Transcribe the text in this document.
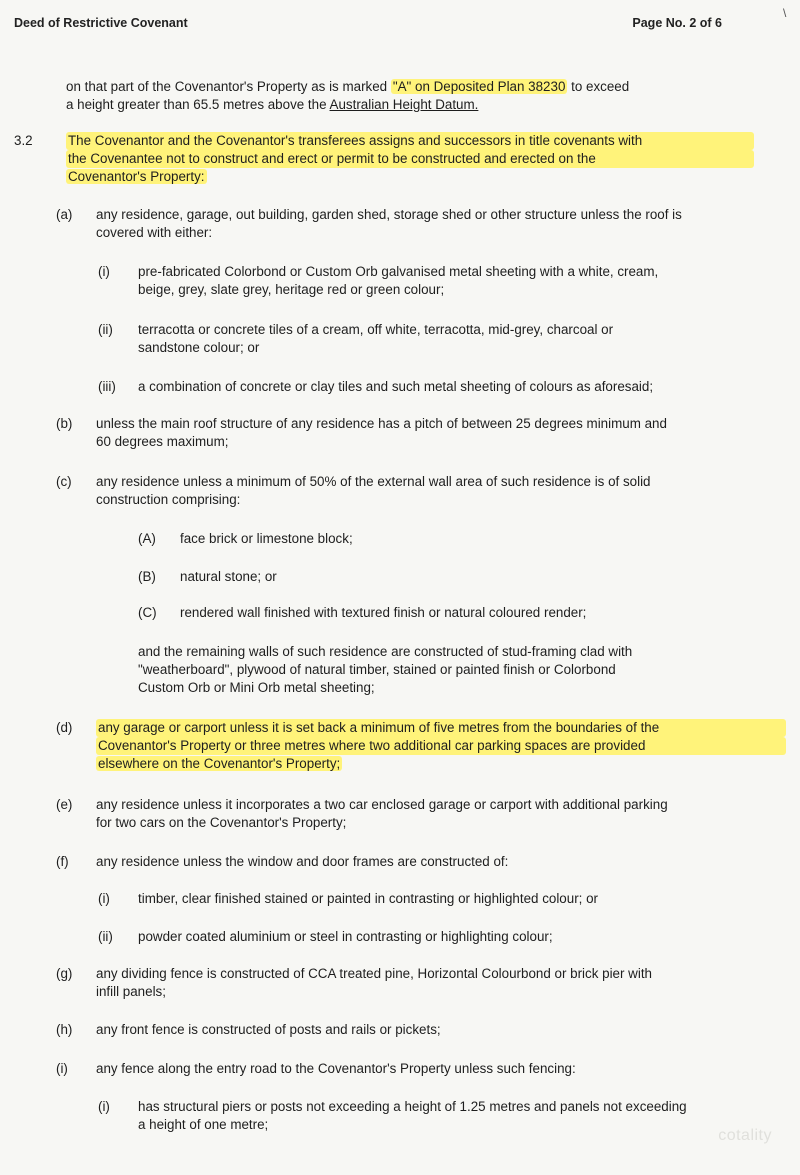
Deed of Restrictive Covenant	Page No. 2 of 6
\
on that part of the Covenantor's Property as is marked "A" on Deposited Plan 38230 to exceed
a height greater than 65.5 metres above the Australian Height Datum.
3.2	The Covenantor and the Covenantor's transferees assigns and successors in title covenants with
the Covenantee not to construct and erect or permit to be constructed and erected on the
Covenantor's Property:
(a) any residence, garage, out building, garden shed, storage shed or other structure unless the roof is
covered with either:
(i) pre-fabricated Colorbond or Custom Orb galvanised metal sheeting with a white, cream,
beige, grey, slate grey, heritage red or green colour;
(ii) terracotta or concrete tiles of a cream, off white, terracotta, mid-grey, charcoal or
sandstone colour; or
(iii) a combination of concrete or clay tiles and such metal sheeting of colours as aforesaid;
(b) unless the main roof structure of any residence has a pitch of between 25 degrees minimum and
60 degrees maximum;
(c) any residence unless a minimum of 50% of the external wall area of such residence is of solid
construction comprising:
(A) face brick or limestone block;
(B) natural stone; or
(C) rendered wall finished with textured finish or natural coloured render;
and the remaining walls of such residence are constructed of stud-framing clad with
"weatherboard", plywood of natural timber, stained or painted finish or Colorbond
Custom Orb or Mini Orb metal sheeting;
(d) any garage or carport unless it is set back a minimum of five metres from the boundaries of the
Covenantor's Property or three metres where two additional car parking spaces are provided
elsewhere on the Covenantor's Property;
(e) any residence unless it incorporates a two car enclosed garage or carport with additional parking
for two cars on the Covenantor's Property;
(f) any residence unless the window and door frames are constructed of:
(i) timber, clear finished stained or painted in contrasting or highlighted colour; or
(ii) powder coated aluminium or steel in contrasting or highlighting colour;
(g) any dividing fence is constructed of CCA treated pine, Horizontal Colourbond or brick pier with
infill panels;
(h) any front fence is constructed of posts and rails or pickets;
(i) any fence along the entry road to the Covenantor's Property unless such fencing:
(i) has structural piers or posts not exceeding a height of 1.25 metres and panels not exceeding
a height of one metre;
cotality
